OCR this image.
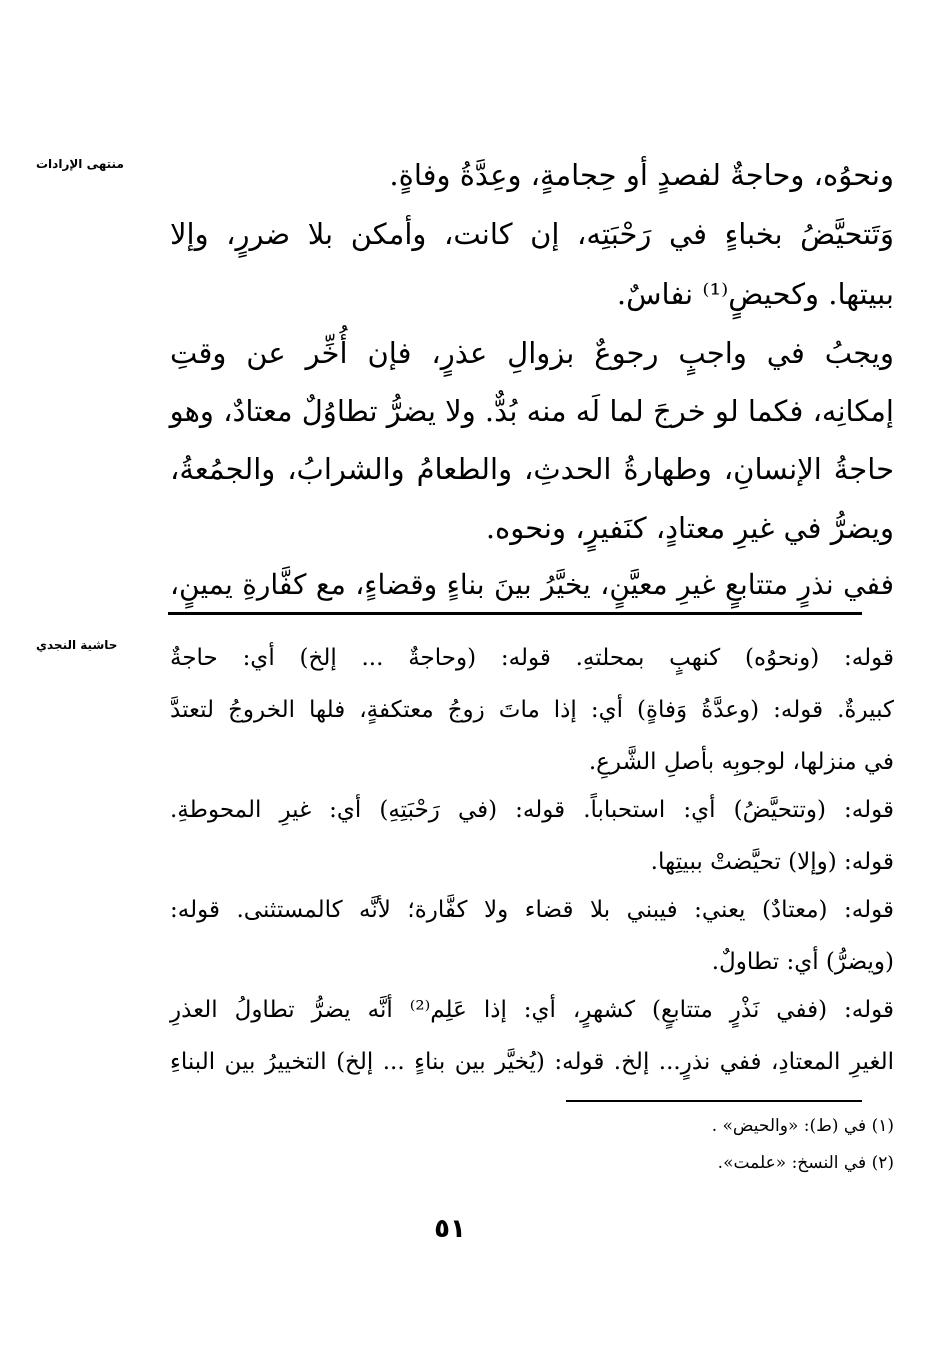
منتهى الإرادات
حاشية النجدي
ونحوُه، وحاجةٌ لفصدٍ أو حِجامةٍ، وعِدَّةُ وفاةٍ.
وَتَتحيَّضُ بخباءٍ في رَحْبَتِه، إن كانت، وأمكن بلا ضررٍ، وإلا
ببيتها. وكحيضٍ⁽¹⁾ نفاسٌ.
ويجبُ في واجبٍ رجوعٌ بزوالِ عذرٍ، فإن أُخِّر عن وقتِ
إمكانِه، فكما لو خرجَ لما لَه منه بُدٌّ. ولا يضرُّ تطاوُلٌ معتادٌ، وهو
حاجةُ الإنسانِ، وطهارةُ الحدثِ، والطعامُ والشرابُ، والجمُعةُ،
ويضرُّ في غيرِ معتادٍ، كنَفيرٍ، ونحوه.
ففي نذرٍ متتابعٍ غيرِ معيَّنٍ، يخيَّرُ بينَ بناءٍ وقضاءٍ، مع كفَّارةِ يمينٍ،
قوله: (ونحوُه) كنهبٍ بمحلتهِ. قوله: (وحاجةٌ ... إلخ) أي: حاجةٌ
كبيرةٌ. قوله: (وعدَّةُ وَفاةٍ) أي: إذا ماتَ زوجُ معتكفةٍ، فلها الخروجُ لتعتدَّ
في منزلها، لوجوبِه بأصلِ الشَّرعِ.
قوله: (وتتحيَّضُ) أي: استحباباً. قوله: (في رَحْبَتِهِ) أي: غيرِ المحوطةِ.
قوله: (وإلا) تحيَّضتْ ببيتِها.
قوله: (معتادٌ) يعني: فيبني بلا قضاء ولا كفَّارة؛ لأنَّه كالمستثنى. قوله:
(ويضرُّ) أي: تطاولٌ.
قوله: (ففي نَذْرٍ متتابعٍ) كشهرٍ، أي: إذا عَلِم⁽²⁾ أنَّه يضرُّ تطاولُ العذرِ
الغيرِ المعتادِ، ففي نذرٍ... إلخ. قوله: (يُخيَّر بين بناءٍ ... إلخ) التخييرُ بين البناءِ
(١) في (ط): «والحيض» .
(٢) في النسخ: «علمت».
٥١
